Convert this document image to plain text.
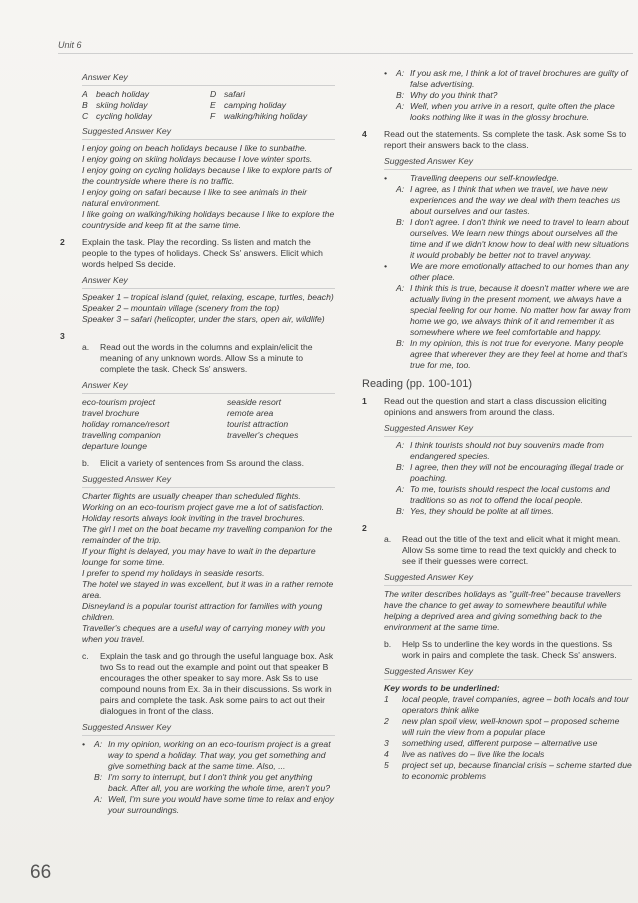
Unit 6
66
Answer Key
A beach holiday	D safari
B skiing holiday	E camping holiday
C cycling holiday	F	walking/hiking holiday
Suggested Answer Key
I enjoy going on beach holidays because I like to sunbathe.
I enjoy going on skiing holidays because I love winter sports.
I enjoy going on cycling holidays because I like to explore parts of the countryside where there is no traffic.
I enjoy going on safari because I like to see animals in their natural environment.
I like going on walking/hiking holidays because I like to explore the countryside and keep fit at the same time.
2 Explain the task. Play the recording. Ss listen and match the people to the types of holidays. Check Ss' answers. Elicit which words helped Ss decide.
Answer Key
Speaker 1 – tropical island (quiet, relaxing, escape, turtles, beach)
Speaker 2 – mountain village (scenery from the top)
Speaker 3 – safari (helicopter, under the stars, open air, wildlife)
3
a.	Read out the words in the columns and explain/elicit the meaning of any unknown words. Allow Ss a minute to complete the task. Check Ss' answers.
Answer Key
eco-tourism project	seaside resort
travel brochure	remote area
holiday romance/resort	tourist attraction
travelling companion	traveller's cheques
departure lounge
b.	Elicit a variety of sentences from Ss around the class.
Suggested Answer Key
Charter flights are usually cheaper than scheduled flights.
Working on an eco-tourism project gave me a lot of satisfaction.
Holiday resorts always look inviting in the travel brochures.
The girl I met on the boat became my travelling companion for the remainder of the trip.
If your flight is delayed, you may have to wait in the departure lounge for some time.
I prefer to spend my holidays in seaside resorts.
The hotel we stayed in was excellent, but it was in a rather remote area.
Disneyland is a popular tourist attraction for families with young children.
Traveller's cheques are a useful way of carrying money with you when you travel.
c.	Explain the task and go through the useful language box. Ask two Ss to read out the example and point out that speaker B encourages the other speaker to say more. Ask Ss to use compound nouns from Ex. 3a in their discussions. Ss work in pairs and complete the task. Ask some pairs to act out their dialogues in front of the class.
Suggested Answer Key
•	A: In my opinion, working on an eco-tourism project is a great way to spend a holiday. That way, you get something and give something back at the same time. Also, ...
B: I'm sorry to interrupt, but I don't think you get anything back. After all, you are working the whole time, aren't you?
A: Well, I'm sure you would have some time to relax and enjoy your surroundings.
•	A: If you ask me, I think a lot of travel brochures are guilty of false advertising.
B: Why do you think that?
A: Well, when you arrive in a resort, quite often the place looks nothing like it was in the glossy brochure.
4 Read out the statements. Ss complete the task. Ask some Ss to report their answers back to the class.
Suggested Answer Key
•	Travelling deepens our self-knowledge.
A: I agree, as I think that when we travel, we have new experiences and the way we deal with them teaches us about ourselves and our tastes.
B: I don't agree. I don't think we need to travel to learn about ourselves. We learn new things about ourselves all the time and if we didn't know how to deal with new situations it would probably be better not to travel anyway.
•	We are more emotionally attached to our homes than any other place.
A: I think this is true, because it doesn't matter where we are actually living in the present moment, we always have a special feeling for our home. No matter how far away from home we go, we always think of it and remember it as somewhere where we feel comfortable and happy.
B: In my opinion, this is not true for everyone. Many people agree that wherever they are they feel at home and that's true for me, too.
Reading (pp. 100-101)
1 Read out the question and start a class discussion eliciting opinions and answers from around the class.
Suggested Answer Key
A: I think tourists should not buy souvenirs made from endangered species.
B: I agree, then they will not be encouraging illegal trade or poaching.
A: To me, tourists should respect the local customs and traditions so as not to offend the local people.
B: Yes, they should be polite at all times.
2
a.	Read out the title of the text and elicit what it might mean. Allow Ss some time to read the text quickly and check to see if their guesses were correct.
Suggested Answer Key
The writer describes holidays as "guilt-free" because travellers have the chance to get away to somewhere beautiful while helping a deprived area and giving something back to the environment at the same time.
b.	Help Ss to underline the key words in the questions. Ss work in pairs and complete the task. Check Ss' answers.
Suggested Answer Key
Key words to be underlined:
1	local people, travel companies, agree – both locals and tour operators think alike
2	new plan spoil view, well-known spot – proposed scheme will ruin the view from a popular place
3	something used, different purpose – alternative use
4	live as natives do – live like the locals
5	project set up, because financial crisis – scheme started due to economic problems
